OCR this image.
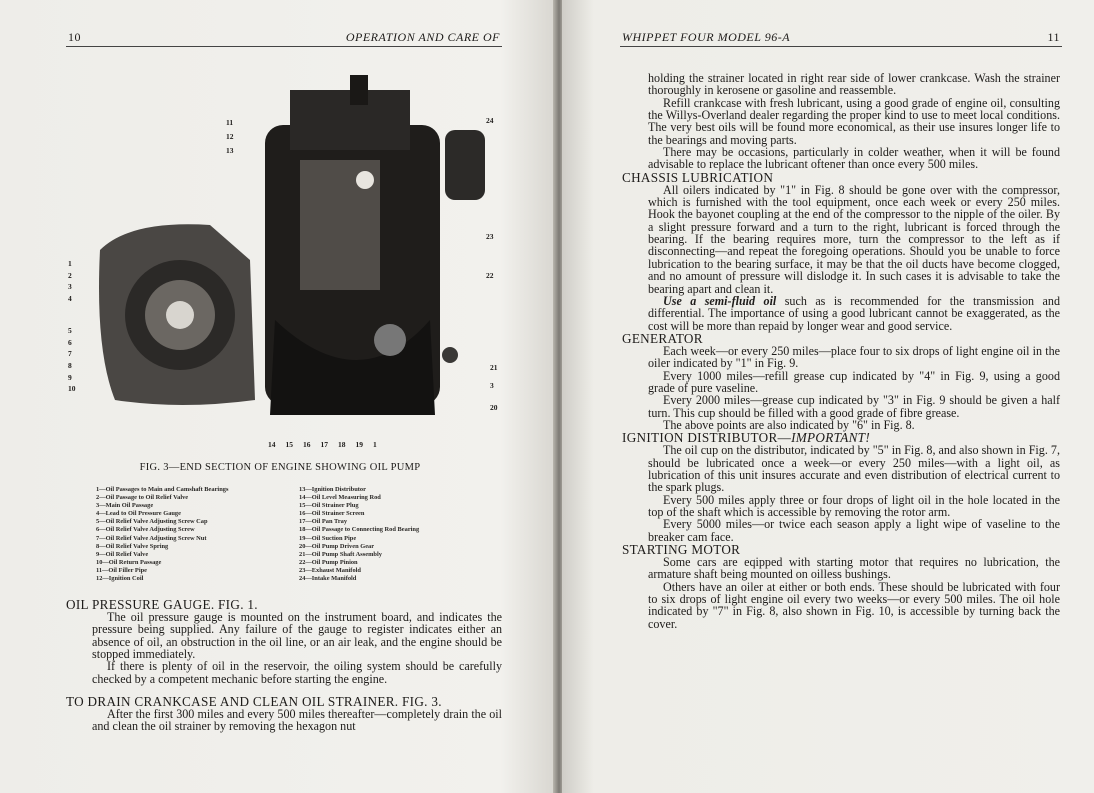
10	OPERATION AND CARE OF
1
2
3
4
5
6
7
8
9
10
11
12
13
14 15 16 17 18 19 1
24
23
22
21
3
20
FIG. 3—END SECTION OF ENGINE SHOWING OIL PUMP
1—Oil Passages to Main and Camshaft Bearings
2—Oil Passage to Oil Relief Valve
3—Main Oil Passage
4—Lead to Oil Pressure Gauge
5—Oil Relief Valve Adjusting Screw Cap
6—Oil Relief Valve Adjusting Screw
7—Oil Relief Valve Adjusting Screw Nut
8—Oil Relief Valve Spring
9—Oil Relief Valve
10—Oil Return Passage
11—Oil Filler Pipe
12—Ignition Coil
13—Ignition Distributor
14—Oil Level Measuring Rod
15—Oil Strainer Plug
16—Oil Strainer Screen
17—Oil Pan Tray
18—Oil Passage to Connecting Rod Bearing
19—Oil Suction Pipe
20—Oil Pump Driven Gear
21—Oil Pump Shaft Assembly
22—Oil Pump Pinion
23—Exhaust Manifold
24—Intake Manifold
OIL PRESSURE GAUGE. FIG. 1.

The oil pressure gauge is mounted on the instrument board, and indicates the pressure being supplied. Any failure of the gauge to register indicates either an absence of oil, an obstruction in the oil line, or an air leak, and the engine should be stopped immediately.

If there is plenty of oil in the reservoir, the oiling system should be carefully checked by a competent mechanic before starting the engine.

TO DRAIN CRANKCASE AND CLEAN OIL STRAINER. FIG. 3.

After the first 300 miles and every 500 miles thereafter—completely drain the oil and clean the oil strainer by removing the hexagon nut

WHIPPET FOUR MODEL 96-A	11

holding the strainer located in right rear side of lower crankcase. Wash the strainer thoroughly in kerosene or gasoline and reassemble.

Refill crankcase with fresh lubricant, using a good grade of engine oil, consulting the Willys-Overland dealer regarding the proper kind to use to meet local conditions. The very best oils will be found more economical, as their use insures longer life to the bearings and moving parts.

There may be occasions, particularly in colder weather, when it will be found advisable to replace the lubricant oftener than once every 500 miles.

CHASSIS LUBRICATION

All oilers indicated by "1" in Fig. 8 should be gone over with the compressor, which is furnished with the tool equipment, once each week or every 250 miles. Hook the bayonet coupling at the end of the compressor to the nipple of the oiler. By a slight pressure forward and a turn to the right, lubricant is forced through the bearing. If the bearing requires more, turn the compressor to the left as if disconnecting—and repeat the foregoing operations. Should you be unable to force lubrication to the bearing surface, it may be that the oil ducts have become clogged, and no amount of pressure will dislodge it. In such cases it is advisable to take the bearing apart and clean it.

Use a semi-fluid oil such as is recommended for the transmission and differential. The importance of using a good lubricant cannot be exaggerated, as the cost will be more than repaid by longer wear and good service.

GENERATOR

Each week—or every 250 miles—place four to six drops of light engine oil in the oiler indicated by "1" in Fig. 9.

Every 1000 miles—refill grease cup indicated by "4" in Fig. 9, using a good grade of pure vaseline.

Every 2000 miles—grease cup indicated by "3" in Fig. 9 should be given a half turn. This cup should be filled with a good grade of fibre grease.

The above points are also indicated by "6" in Fig. 8.

IGNITION DISTRIBUTOR—IMPORTANT!

The oil cup on the distributor, indicated by "5" in Fig. 8, and also shown in Fig. 7, should be lubricated once a week—or every 250 miles—with a light oil, as lubrication of this unit insures accurate and even distribution of electrical current to the spark plugs.

Every 500 miles apply three or four drops of light oil in the hole located in the top of the shaft which is accessible by removing the rotor arm.

Every 5000 miles—or twice each season apply a light wipe of vaseline to the breaker cam face.

STARTING MOTOR

Some cars are eqipped with starting motor that requires no lubrication, the armature shaft being mounted on oilless bushings.

Others have an oiler at either or both ends. These should be lubricated with four to six drops of light engine oil every two weeks—or every 500 miles. The oil hole indicated by "7" in Fig. 8, also shown in Fig. 10, is accessible by turning back the cover.
